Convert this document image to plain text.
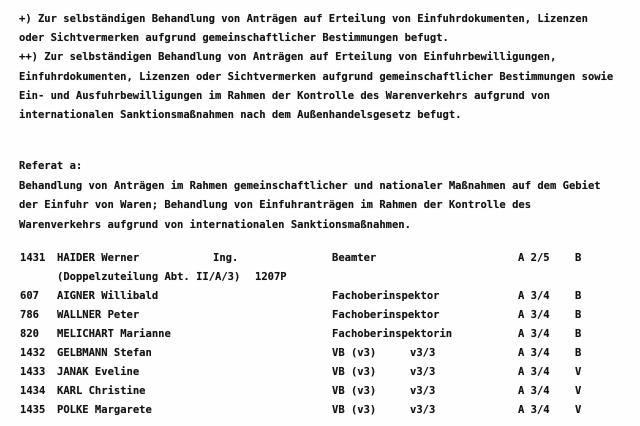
+) Zur selbständigen Behandlung von Anträgen auf Erteilung von Einfuhrdokumenten, Lizenzen
oder Sichtvermerken aufgrund gemeinschaftlicher Bestimmungen befugt.
++) Zur selbständigen Behandlung von Anträgen auf Erteilung von Einfuhrbewilligungen,
Einfuhrdokumenten, Lizenzen oder Sichtvermerken aufgrund gemeinschaftlicher Bestimmungen sowie
Ein- und Ausfuhrbewilligungen im Rahmen der Kontrolle des Warenverkehrs aufgrund von
internationalen Sanktionsmaßnahmen nach dem Außenhandelsgesetz befugt.
Referat a:
Behandlung von Anträgen im Rahmen gemeinschaftlicher und nationaler Maßnahmen auf dem Gebiet
der Einfuhr von Waren; Behandlung von Einfuhranträgen im Rahmen der Kontrolle des
Warenverkehrs aufgrund von internationalen Sanktionsmaßnahmen.
1431 HAIDER Werner	Ing.	Beamter	A 2/5 B
(Doppelzuteilung Abt. II/A/3) 1207P
607 AIGNER Willibald	Fachoberinspektor	A 3/4 B
786 WALLNER Peter	Fachoberinspektor	A 3/4 B
820 MELICHART Marianne	Fachoberinspektorin	A 3/4 B
1432 GELBMANN Stefan	VB (v3)	v3/3	A 3/4 B
1433 JANAK Eveline	VB (v3)	v3/3	A 3/4 V
1434 KARL Christine	VB (v3)	v3/3	A 3/4 V
1435 POLKE Margarete	VB (v3)	v3/3	A 3/4 V
